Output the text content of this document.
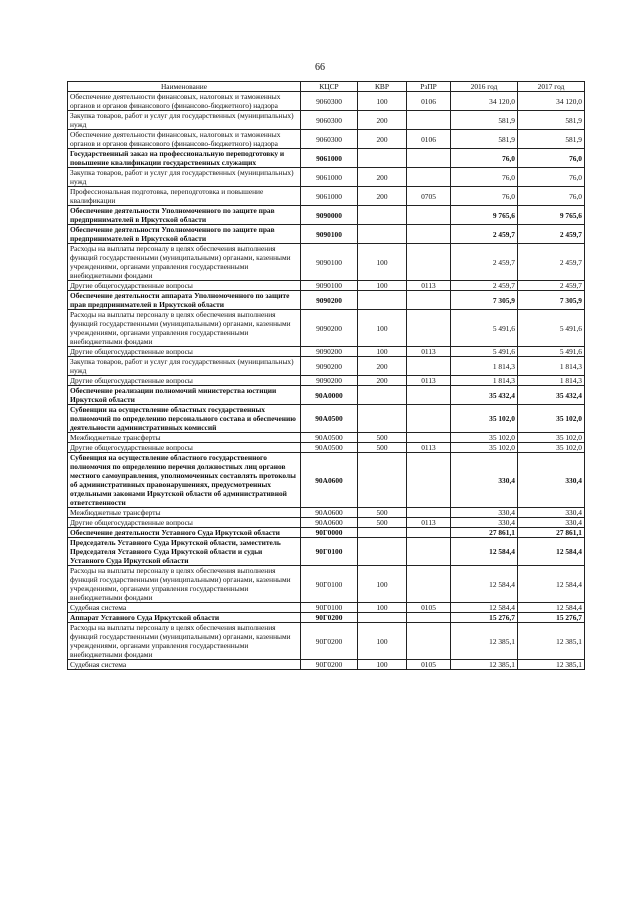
66
Наименование	КЦСР	КВР	РзПР	2016 год	2017 год
Обеспечение деятельности финансовых, налоговых и таможенных органов и органов финансового (финансово-бюджетного) надзора	9060300	100	0106	34 120,0	34 120,0
Закупка товаров, работ и услуг для государственных (муниципальных) нужд	9060300	200		581,9	581,9
Обеспечение деятельности финансовых, налоговых и таможенных органов и органов финансового (финансово-бюджетного) надзора	9060300	200	0106	581,9	581,9
Государственный заказ на профессиональную переподготовку и повышение квалификации государственных служащих	9061000			76,0	76,0
Закупка товаров, работ и услуг для государственных (муниципальных) нужд	9061000	200		76,0	76,0
Профессиональная подготовка, переподготовка и повышение квалификации	9061000	200	0705	76,0	76,0
Обеспечение деятельности Уполномоченного по защите прав предпринимателей в Иркутской области	9090000			9 765,6	9 765,6
Обеспечение деятельности Уполномоченного по защите прав предпринимателей в Иркутской области	9090100			2 459,7	2 459,7
Расходы на выплаты персоналу в целях обеспечения выполнения функций государственными (муниципальными) органами, казенными учреждениями, органами управления государственными внебюджетными фондами	9090100	100		2 459,7	2 459,7
Другие общегосударственные вопросы	9090100	100	0113	2 459,7	2 459,7
Обеспечение деятельности аппарата Уполномоченного по защите прав предпринимателей в Иркутской области	9090200			7 305,9	7 305,9
Расходы на выплаты персоналу в целях обеспечения выполнения функций государственными (муниципальными) органами, казенными учреждениями, органами управления государственными внебюджетными фондами	9090200	100		5 491,6	5 491,6
Другие общегосударственные вопросы	9090200	100	0113	5 491,6	5 491,6
Закупка товаров, работ и услуг для государственных (муниципальных) нужд	9090200	200		1 814,3	1 814,3
Другие общегосударственные вопросы	9090200	200	0113	1 814,3	1 814,3
Обеспечение реализации полномочий министерства юстиции Иркутской области	90А0000			35 432,4	35 432,4
Субвенции на осуществление областных государственных полномочий по определению персонального состава и обеспечению деятельности административных комиссий	90А0500			35 102,0	35 102,0
Межбюджетные трансферты	90А0500	500		35 102,0	35 102,0
Другие общегосударственные вопросы	90А0500	500	0113	35 102,0	35 102,0
Субвенция на осуществление областного государственного полномочия по определению перечня должностных лиц органов местного самоуправления, уполномоченных составлять протоколы об административных правонарушениях, предусмотренных отдельными законами Иркутской области об административной ответственности	90А0600			330,4	330,4
Межбюджетные трансферты	90А0600	500		330,4	330,4
Другие общегосударственные вопросы	90А0600	500	0113	330,4	330,4
Обеспечение деятельности Уставного Суда Иркутской области	90Г0000			27 861,1	27 861,1
Председатель Уставного Суда Иркутской области, заместитель Председателя Уставного Суда Иркутской области и судьи Уставного Суда Иркутской области	90Г0100			12 584,4	12 584,4
Расходы на выплаты персоналу в целях обеспечения выполнения функций государственными (муниципальными) органами, казенными учреждениями, органами управления государственными внебюджетными фондами	90Г0100	100		12 584,4	12 584,4
Судебная система	90Г0100	100	0105	12 584,4	12 584,4
Аппарат Уставного Суда Иркутской области	90Г0200			15 276,7	15 276,7
Расходы на выплаты персоналу в целях обеспечения выполнения функций государственными (муниципальными) органами, казенными учреждениями, органами управления государственными внебюджетными фондами	90Г0200	100		12 385,1	12 385,1
Судебная система	90Г0200	100	0105	12 385,1	12 385,1
